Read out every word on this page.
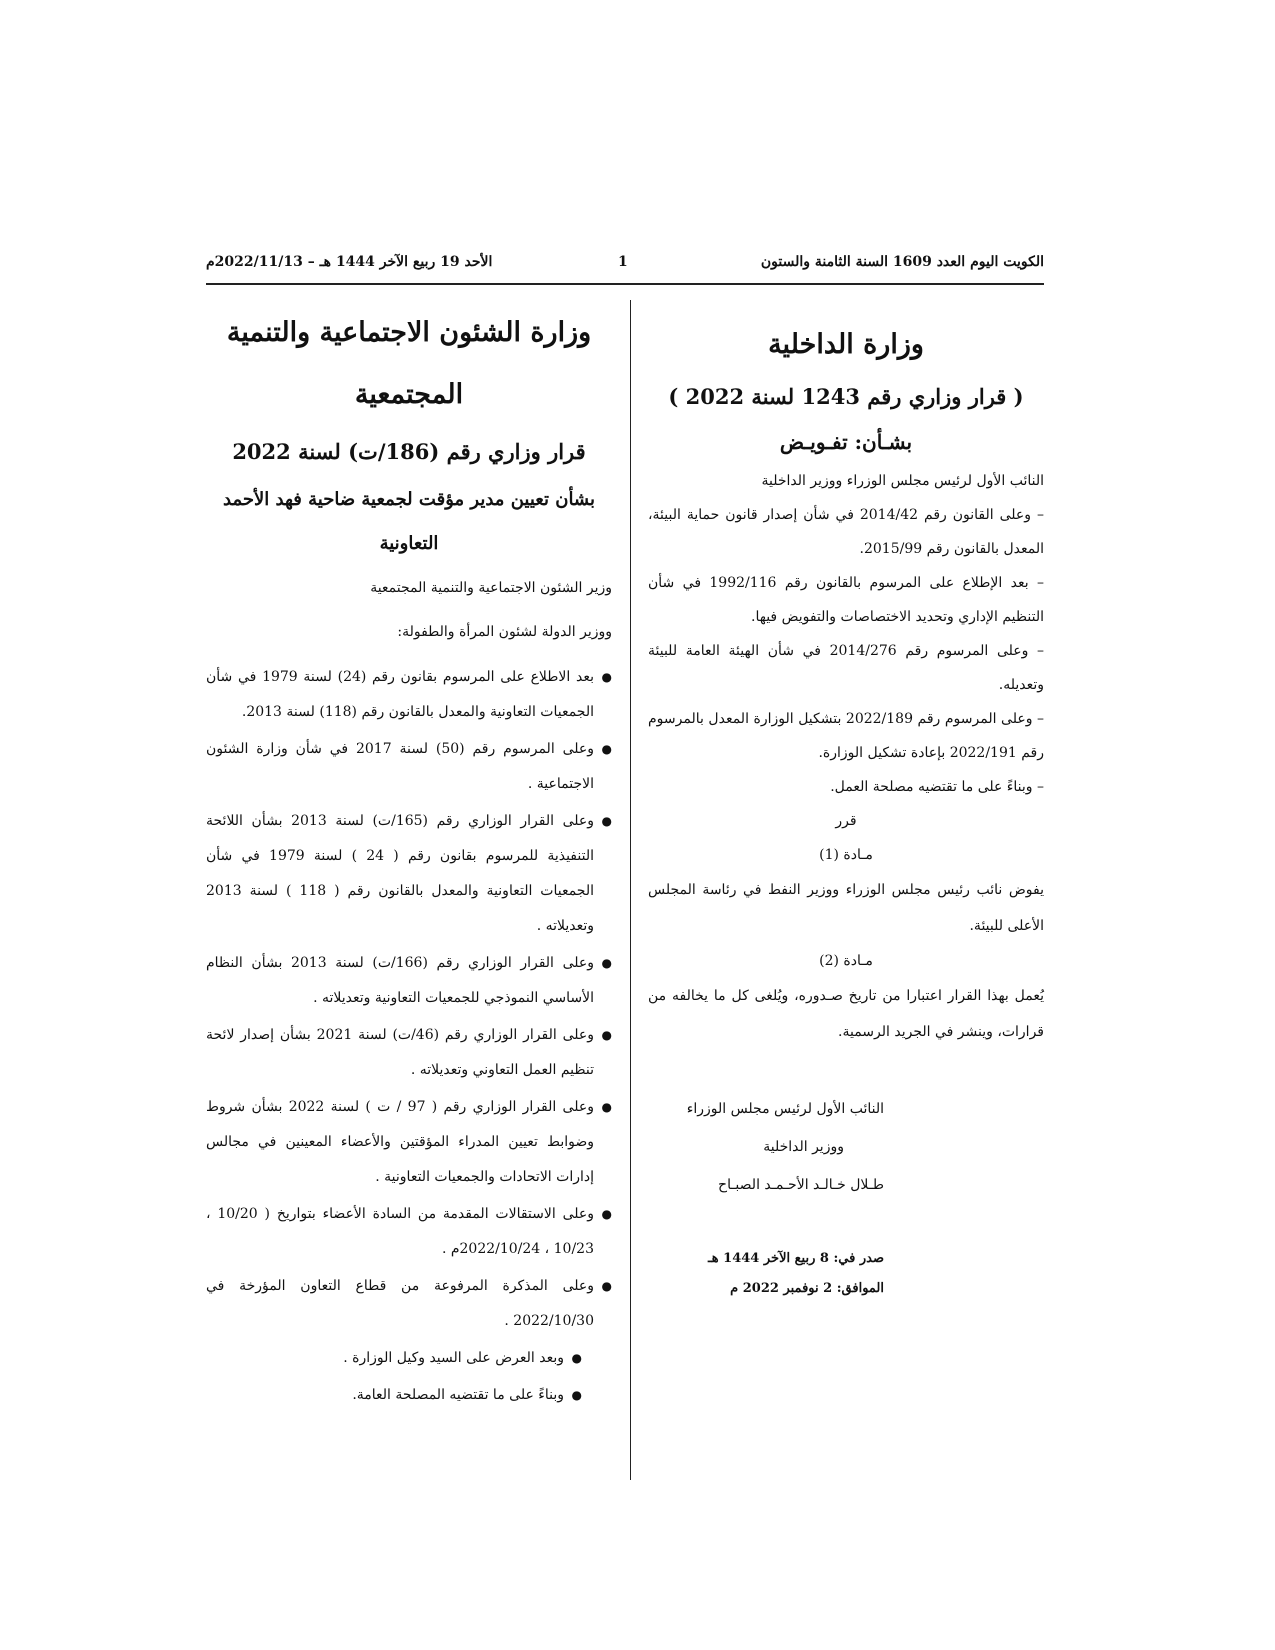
الكويت اليوم العدد 1609 السنة الثامنة والستون
1
الأحد 19 ربيع الآخر 1444 هـ – 2022/11/13م

وزارة الداخلية

( قرار وزاري رقم 1243 لسنة 2022 )

بشـأن: تفـويـض

النائب الأول لرئيس مجلس الوزراء ووزير الداخلية

– وعلى القانون رقم 2014/42 في شأن إصدار قانون حماية البيئة، المعدل بالقانون رقم 2015/99.

– بعد الإطلاع على المرسوم بالقانون رقم 1992/116 في شأن التنظيم الإداري وتحديد الاختصاصات والتفويض فيها.

– وعلى المرسوم رقم 2014/276 في شأن الهيئة العامة للبيئة وتعديله.

– وعلى المرسوم رقم 2022/189 بتشكيل الوزارة المعدل بالمرسوم رقم 2022/191 بإعادة تشكيل الوزارة.

– وبناءً على ما تقتضيه مصلحة العمل.

قرر

مـادة (1)

يفوض نائب رئيس مجلس الوزراء ووزير النفط في رئاسة المجلس الأعلى للبيئة.

مـادة (2)

يُعمل بهذا القرار اعتبارا من تاريخ صـدوره، ويُلغى كل ما يخالفه من قرارات، وينشر في الجريد الرسمية.

النائب الأول لرئيس مجلس الوزراء
ووزير الداخلية
طـلال خـالـد الأحـمـد الصبـاح
صدر في: 8 ربيع الآخر 1444 هـ
الموافق: 2 نوفمبر 2022 م

وزارة الشئون الاجتماعية والتنمية المجتمعية

قرار وزاري رقم (186/ت) لسنة 2022

بشأن تعيين مدير مؤقت لجمعية ضاحية فهد الأحمد التعاونية

وزير الشئون الاجتماعية والتنمية المجتمعية

ووزير الدولة لشئون المرأة والطفولة:

●
بعد الاطلاع على المرسوم بقانون رقم (24) لسنة 1979 في شأن الجمعيات التعاونية والمعدل بالقانون رقم (118) لسنة 2013.
●
وعلى المرسوم رقم (50) لسنة 2017 في شأن وزارة الشئون الاجتماعية .
●
وعلى القرار الوزاري رقم (165/ت) لسنة 2013 بشأن اللائحة التنفيذية للمرسوم بقانون رقم ( 24 ) لسنة 1979 في شأن الجمعيات التعاونية والمعدل بالقانون رقم ( 118 ) لسنة 2013 وتعديلاته .
●
وعلى القرار الوزاري رقم (166/ت) لسنة 2013 بشأن النظام الأساسي النموذجي للجمعيات التعاونية وتعديلاته .
●
وعلى القرار الوزاري رقم (46/ت) لسنة 2021 بشأن إصدار لائحة تنظيم العمل التعاوني وتعديلاته .
●
وعلى القرار الوزاري رقم ( 97 / ت ) لسنة 2022 بشأن شروط وضوابط تعيين المدراء المؤقتين والأعضاء المعينين في مجالس إدارات الاتحادات والجمعيات التعاونية .
●
وعلى الاستقالات المقدمة من السادة الأعضاء بتواريخ ( 10/20 ، 10/23 ، 2022/10/24م .
●
وعلى المذكرة المرفوعة من قطاع التعاون المؤرخة في 2022/10/30 .
●
وبعد العرض على السيد وكيل الوزارة .
●
وبناءً على ما تقتضيه المصلحة العامة.
